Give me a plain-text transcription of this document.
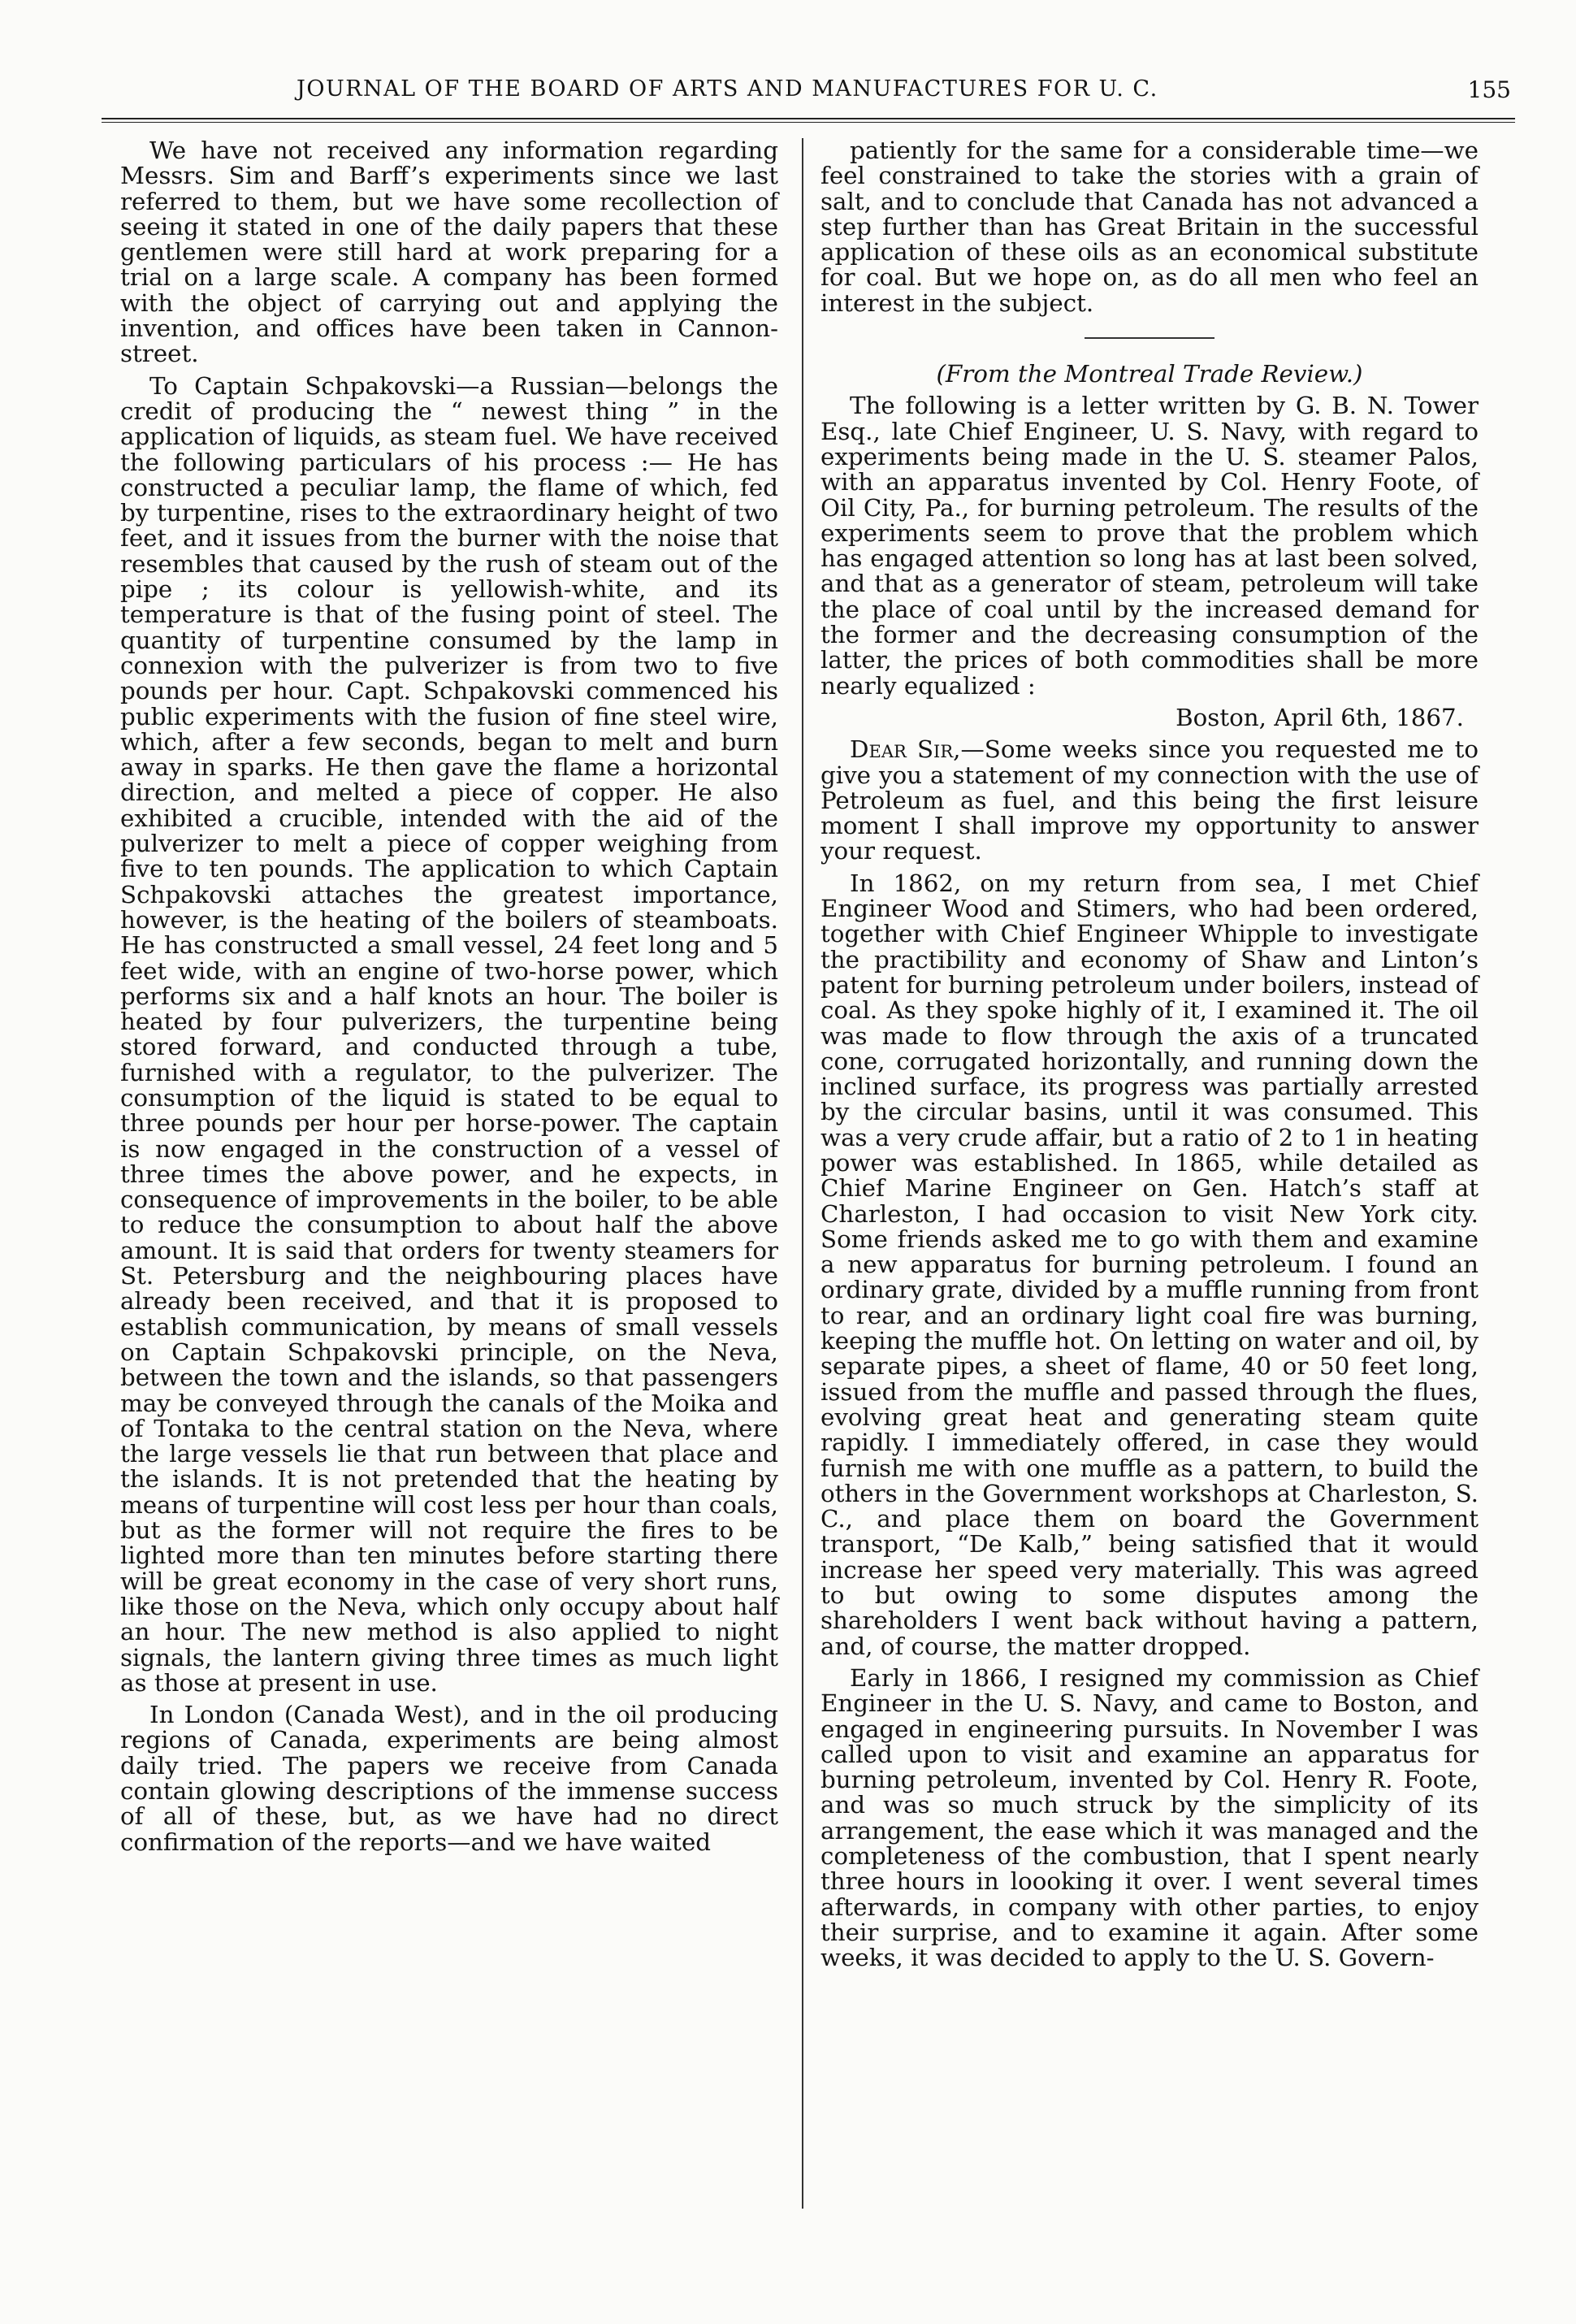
JOURNAL OF THE BOARD OF ARTS AND MANUFACTURES FOR U. C.	155

We have not received any information regarding Messrs. Sim and Barff’s experiments since we last referred to them, but we have some recollection of seeing it stated in one of the daily papers that these gentlemen were still hard at work preparing for a trial on a large scale. A company has been formed with the object of carrying out and applying the invention, and offices have been taken in Cannon-street.

To Captain Schpakovski—a Russian—belongs the credit of producing the “ newest thing ” in the application of liquids, as steam fuel. We have received the following particulars of his process :— He has constructed a peculiar lamp, the flame of which, fed by turpentine, rises to the extraordinary height of two feet, and it issues from the burner with the noise that resembles that caused by the rush of steam out of the pipe ; its colour is yellowish-white, and its temperature is that of the fusing point of steel. The quantity of turpentine consumed by the lamp in connexion with the pulverizer is from two to five pounds per hour. Capt. Schpakovski commenced his public experiments with the fusion of fine steel wire, which, after a few seconds, began to melt and burn away in sparks. He then gave the flame a horizontal direction, and melted a piece of copper. He also exhibited a crucible, intended with the aid of the pulverizer to melt a piece of copper weighing from five to ten pounds. The application to which Captain Schpakovski attaches the greatest importance, however, is the heating of the boilers of steamboats. He has constructed a small vessel, 24 feet long and 5 feet wide, with an engine of two-horse power, which performs six and a half knots an hour. The boiler is heated by four pulverizers, the turpentine being stored forward, and conducted through a tube, furnished with a regulator, to the pulverizer. The consumption of the liquid is stated to be equal to three pounds per hour per horse-power. The captain is now engaged in the construction of a vessel of three times the above power, and he expects, in consequence of improvements in the boiler, to be able to reduce the consumption to about half the above amount. It is said that orders for twenty steamers for St. Petersburg and the neighbouring places have already been received, and that it is proposed to establish communication, by means of small vessels on Captain Schpakovski principle, on the Neva, between the town and the islands, so that passengers may be conveyed through the canals of the Moika and of Tontaka to the central station on the Neva, where the large vessels lie that run between that place and the islands. It is not pretended that the heating by means of turpentine will cost less per hour than coals, but as the former will not require the fires to be lighted more than ten minutes before starting there will be great economy in the case of very short runs, like those on the Neva, which only occupy about half an hour. The new method is also applied to night signals, the lantern giving three times as much light as those at present in use.

In London (Canada West), and in the oil producing regions of Canada, experiments are being almost daily tried. The papers we receive from Canada contain glowing descriptions of the immense success of all of these, but, as we have had no direct confirmation of the reports—and we have waited

patiently for the same for a considerable time—we feel constrained to take the stories with a grain of salt, and to conclude that Canada has not advanced a step further than has Great Britain in the successful application of these oils as an economical substitute for coal. But we hope on, as do all men who feel an interest in the subject.

(From the Montreal Trade Review.)

The following is a letter written by G. B. N. Tower Esq., late Chief Engineer, U. S. Navy, with regard to experiments being made in the U. S. steamer Palos, with an apparatus invented by Col. Henry Foote, of Oil City, Pa., for burning petroleum. The results of the experiments seem to prove that the problem which has engaged attention so long has at last been solved, and that as a generator of steam, petroleum will take the place of coal until by the increased demand for the former and the decreasing consumption of the latter, the prices of both commodities shall be more nearly equalized :

Boston, April 6th, 1867.

Dear Sir,—Some weeks since you requested me to give you a statement of my connection with the use of Petroleum as fuel, and this being the first leisure moment I shall improve my opportunity to answer your request.

In 1862, on my return from sea, I met Chief Engineer Wood and Stimers, who had been ordered, together with Chief Engineer Whipple to investigate the practibility and economy of Shaw and Linton’s patent for burning petroleum under boilers, instead of coal. As they spoke highly of it, I examined it. The oil was made to flow through the axis of a truncated cone, corrugated horizontally, and running down the inclined surface, its progress was partially arrested by the circular basins, until it was consumed. This was a very crude affair, but a ratio of 2 to 1 in heating power was established. In 1865, while detailed as Chief Marine Engineer on Gen. Hatch’s staff at Charleston, I had occasion to visit New York city. Some friends asked me to go with them and examine a new apparatus for burning petroleum. I found an ordinary grate, divided by a muffle running from front to rear, and an ordinary light coal fire was burning, keeping the muffle hot. On letting on water and oil, by separate pipes, a sheet of flame, 40 or 50 feet long, issued from the muffle and passed through the flues, evolving great heat and generating steam quite rapidly. I immediately offered, in case they would furnish me with one muffle as a pattern, to build the others in the Government workshops at Charleston, S. C., and place them on board the Government transport, “De Kalb,” being satisfied that it would increase her speed very materially. This was agreed to but owing to some disputes among the shareholders I went back without having a pattern, and, of course, the matter dropped.

Early in 1866, I resigned my commission as Chief Engineer in the U. S. Navy, and came to Boston, and engaged in engineering pursuits. In November I was called upon to visit and examine an apparatus for burning petroleum, invented by Col. Henry R. Foote, and was so much struck by the simplicity of its arrangement, the ease which it was managed and the completeness of the combustion, that I spent nearly three hours in loooking it over. I went several times afterwards, in company with other parties, to enjoy their surprise, and to examine it again. After some weeks, it was decided to apply to the U. S. Govern-
